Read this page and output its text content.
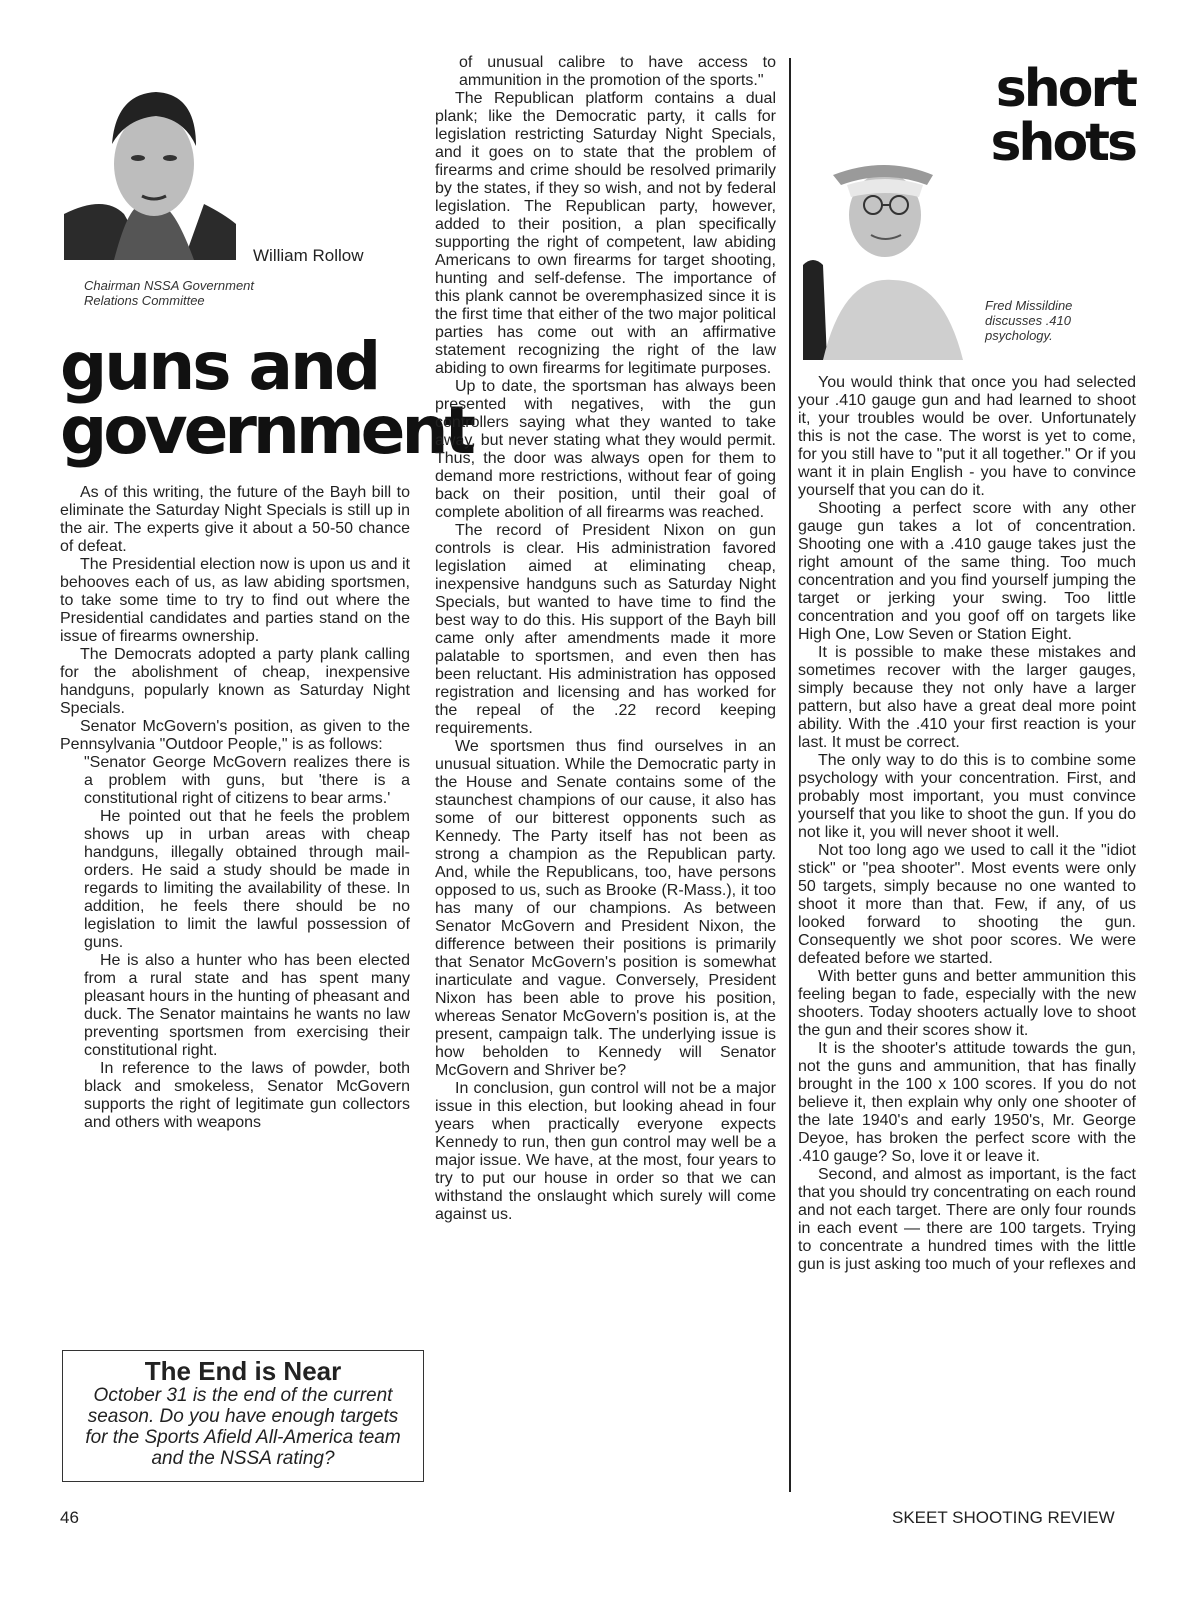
William Rollow
Chairman NSSA Government Relations Committee
guns and
government

As of this writing, the future of the Bayh bill to eliminate the Saturday Night Specials is still up in the air. The experts give it about a 50-50 chance of defeat.

The Presidential election now is upon us and it behooves each of us, as law abiding sportsmen, to take some time to try to find out where the Presidential candidates and parties stand on the issue of firearms ownership.

The Democrats adopted a party plank calling for the abolishment of cheap, inexpensive handguns, popularly known as Saturday Night Specials.

Senator McGovern's position, as given to the Pennsylvania "Outdoor People," is as follows:

"Senator George McGovern realizes there is a problem with guns, but 'there is a constitutional right of citizens to bear arms.'

He pointed out that he feels the problem shows up in urban areas with cheap handguns, illegally obtained through mail-orders. He said a study should be made in regards to limiting the availability of these. In addition, he feels there should be no legislation to limit the lawful possession of guns.

He is also a hunter who has been elected from a rural state and has spent many pleasant hours in the hunting of pheasant and duck. The Senator maintains he wants no law preventing sportsmen from exercising their constitutional right.

In reference to the laws of powder, both black and smokeless, Senator McGovern supports the right of legitimate gun collectors and others with weapons

The End is Near
October 31 is the end of the current season. Do you have enough targets for the Sports Afield All-America team and the NSSA rating?

of unusual calibre to have access to ammunition in the promotion of the sports."

The Republican platform contains a dual plank; like the Democratic party, it calls for legislation restricting Saturday Night Specials, and it goes on to state that the problem of firearms and crime should be resolved primarily by the states, if they so wish, and not by federal legislation. The Republican party, however, added to their position, a plan specifically supporting the right of competent, law abiding Americans to own firearms for target shooting, hunting and self-defense. The importance of this plank cannot be overemphasized since it is the first time that either of the two major political parties has come out with an affirmative statement recognizing the right of the law abiding to own firearms for legitimate purposes.

Up to date, the sportsman has always been presented with negatives, with the gun controllers saying what they wanted to take away, but never stating what they would permit. Thus, the door was always open for them to demand more restrictions, without fear of going back on their position, until their goal of complete abolition of all firearms was reached.

The record of President Nixon on gun controls is clear. His administration favored legislation aimed at eliminating cheap, inexpensive handguns such as Saturday Night Specials, but wanted to have time to find the best way to do this. His support of the Bayh bill came only after amendments made it more palatable to sportsmen, and even then has been reluctant. His administration has opposed registration and licensing and has worked for the repeal of the .22 record keeping requirements.

We sportsmen thus find ourselves in an unusual situation. While the Democratic party in the House and Senate contains some of the staunchest champions of our cause, it also has some of our bitterest opponents such as Kennedy. The Party itself has not been as strong a champion as the Republican party. And, while the Republicans, too, have persons opposed to us, such as Brooke (R-Mass.), it too has many of our champions. As between Senator McGovern and President Nixon, the difference between their positions is primarily that Senator McGovern's position is somewhat inarticulate and vague. Conversely, President Nixon has been able to prove his position, whereas Senator McGovern's position is, at the present, campaign talk. The underlying issue is how beholden to Kennedy will Senator McGovern and Shriver be?

In conclusion, gun control will not be a major issue in this election, but looking ahead in four years when practically everyone expects Kennedy to run, then gun control may well be a major issue. We have, at the most, four years to try to put our house in order so that we can withstand the onslaught which surely will come against us.

short
shots
Fred Missildine discusses .410 psychology.

You would think that once you had selected your .410 gauge gun and had learned to shoot it, your troubles would be over. Unfortunately this is not the case. The worst is yet to come, for you still have to "put it all together." Or if you want it in plain English - you have to convince yourself that you can do it.

Shooting a perfect score with any other gauge gun takes a lot of concentration. Shooting one with a .410 gauge takes just the right amount of the same thing. Too much concentration and you find yourself jumping the target or jerking your swing. Too little concentration and you goof off on targets like High One, Low Seven or Station Eight.

It is possible to make these mistakes and sometimes recover with the larger gauges, simply because they not only have a larger pattern, but also have a great deal more point ability. With the .410 your first reaction is your last. It must be correct.

The only way to do this is to combine some psychology with your concentration. First, and probably most important, you must convince yourself that you like to shoot the gun. If you do not like it, you will never shoot it well.

Not too long ago we used to call it the "idiot stick" or "pea shooter". Most events were only 50 targets, simply because no one wanted to shoot it more than that. Few, if any, of us looked forward to shooting the gun. Consequently we shot poor scores. We were defeated before we started.

With better guns and better ammunition this feeling began to fade, especially with the new shooters. Today shooters actually love to shoot the gun and their scores show it.

It is the shooter's attitude towards the gun, not the guns and ammunition, that has finally brought in the 100 x 100 scores. If you do not believe it, then explain why only one shooter of the late 1940's and early 1950's, Mr. George Deyoe, has broken the perfect score with the .410 gauge? So, love it or leave it.

Second, and almost as important, is the fact that you should try concentrating on each round and not each target. There are only four rounds in each event — there are 100 targets. Trying to concentrate a hundred times with the little gun is just asking too much of your reflexes and

46	SKEET SHOOTING REVIEW
